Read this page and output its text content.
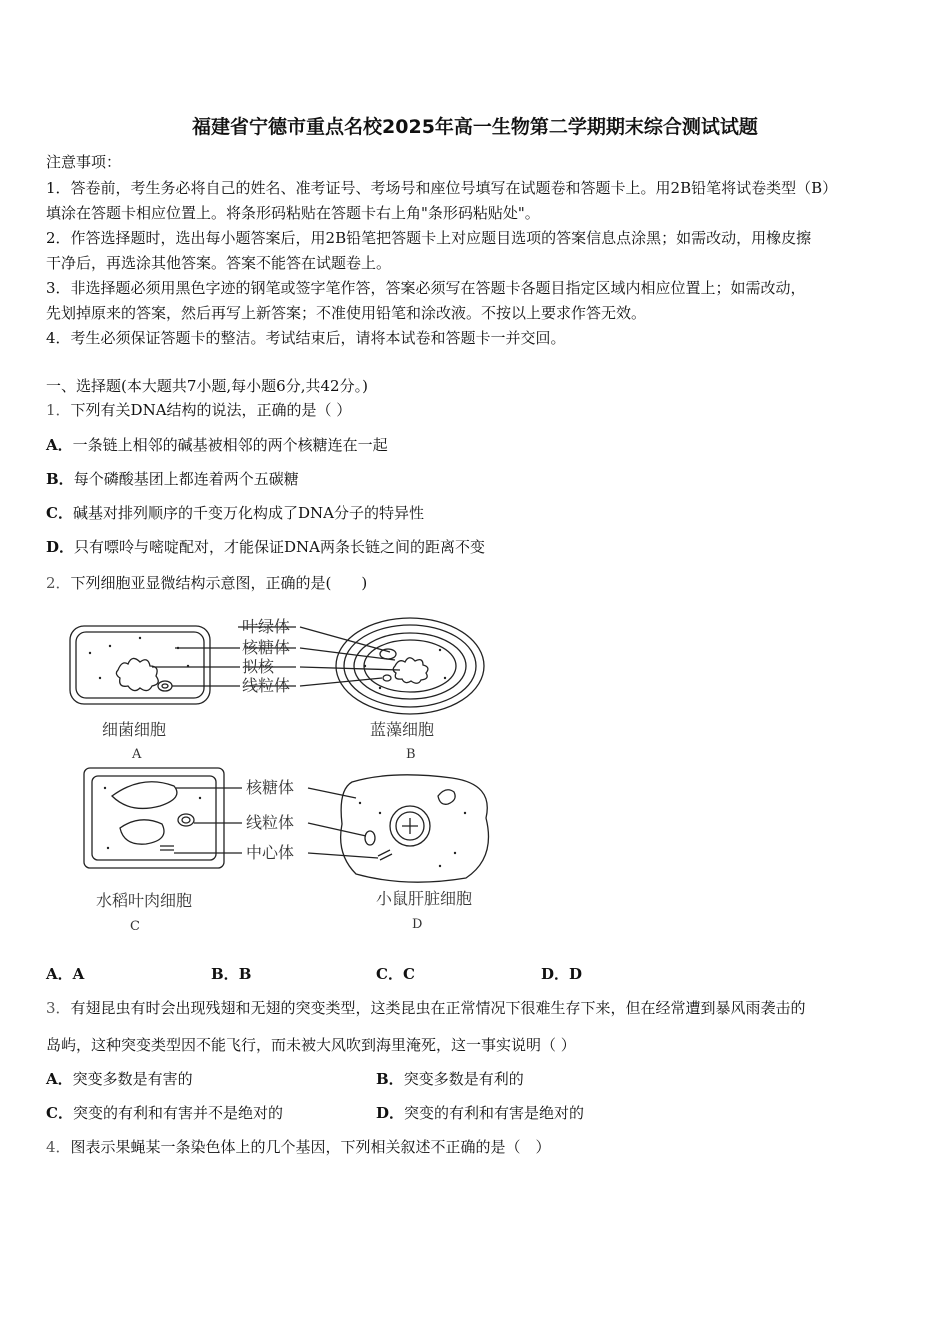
福建省宁德市重点名校2025年高一生物第二学期期末综合测试试题
注意事项：
1．答卷前，考生务必将自己的姓名、准考证号、考场号和座位号填写在试题卷和答题卡上。用2B铅笔将试卷类型（B）
填涂在答题卡相应位置上。将条形码粘贴在答题卡右上角"条形码粘贴处"。
2．作答选择题时，选出每小题答案后，用2B铅笔把答题卡上对应题目选项的答案信息点涂黑；如需改动，用橡皮擦
干净后，再选涂其他答案。答案不能答在试题卷上。
3．非选择题必须用黑色字迹的钢笔或签字笔作答，答案必须写在答题卡各题目指定区域内相应位置上；如需改动，
先划掉原来的答案，然后再写上新答案；不准使用铅笔和涂改液。不按以上要求作答无效。
4．考生必须保证答题卡的整洁。考试结束后，请将本试卷和答题卡一并交回。
一、选择题(本大题共7小题,每小题6分,共42分。)
1．下列有关DNA结构的说法，正确的是（ ）
A．一条链上相邻的碱基被相邻的两个核糖连在一起
B．每个磷酸基团上都连着两个五碳糖
C．碱基对排列顺序的千变万化构成了DNA分子的特异性
D．只有嘌呤与嘧啶配对，才能保证DNA两条长链之间的距离不变
2．下列细胞亚显微结构示意图，正确的是(　　)
叶绿体
核糖体
拟核
线粒体
核糖体
线粒体
中心体
细菌细胞
A
蓝藻细胞
B
水稻叶肉细胞
C
小鼠肝脏细胞
D
A．A	B．B	C．C	D．D
3．有翅昆虫有时会出现残翅和无翅的突变类型，这类昆虫在正常情况下很难生存下来，但在经常遭到暴风雨袭击的
岛屿，这种突变类型因不能飞行，而未被大风吹到海里淹死，这一事实说明（ ）
A．突变多数是有害的	B．突变多数是有利的
C．突变的有利和有害并不是绝对的	D．突变的有利和有害是绝对的
4．图表示果蝇某一条染色体上的几个基因，下列相关叙述不正确的是（　）
